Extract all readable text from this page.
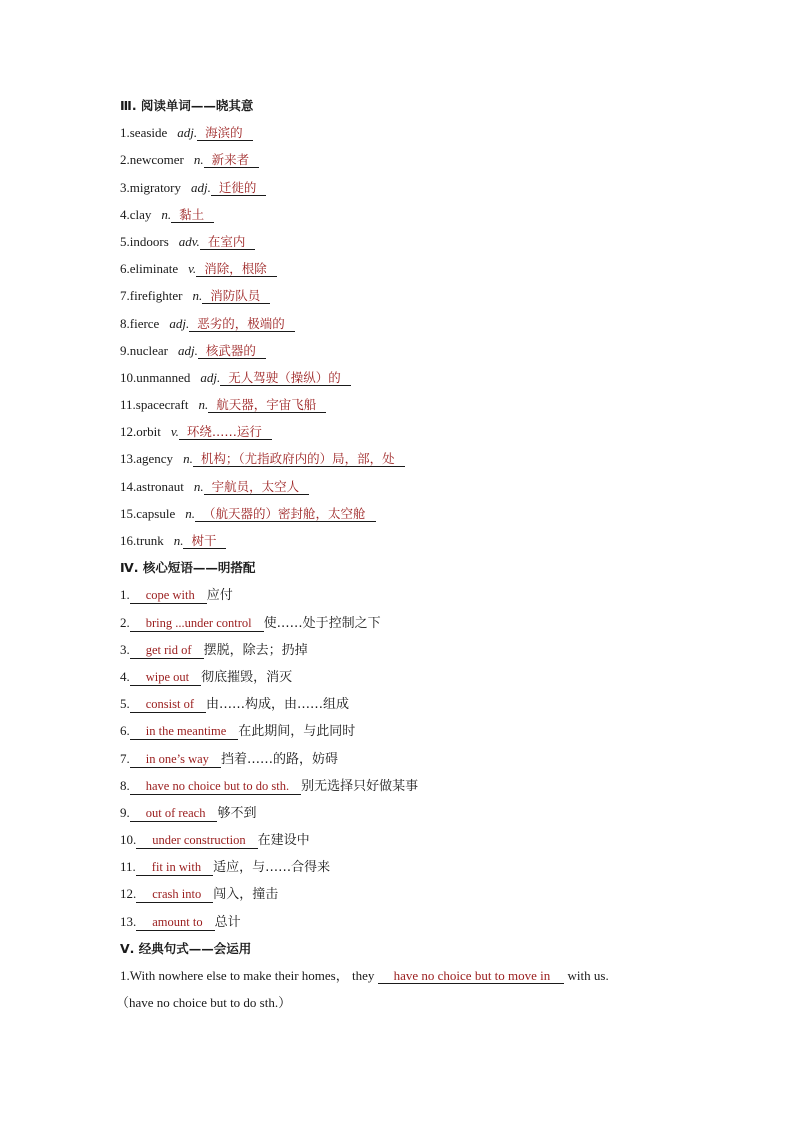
Ⅲ. 阅读单词——晓其意
1.seaside adj. 海滨的
2.newcomer n. 新来者
3.migratory adj. 迁徙的
4.clay n. 黏土
5.indoors adv. 在室内
6.eliminate v. 消除，根除
7.firefighter n. 消防队员
8.fierce adj. 恶劣的，极端的
9.nuclear adj. 核武器的
10.unmanned adj. 无人驾驶（操纵）的
11.spacecraft n. 航天器，宇宙飞船
12.orbit v. 环绕……运行
13.agency n. 机构；（尤指政府内的）局，部，处
14.astronaut n. 宇航员，太空人
15.capsule n. （航天器的）密封舱，太空舱
16.trunk n. 树干
Ⅳ. 核心短语——明搭配
1. cope with 应付
2. bring ...under control 使……处于控制之下
3. get rid of 摆脱，除去；扔掉
4. wipe out 彻底摧毁，消灭
5. consist of 由……构成，由……组成
6. in the meantime 在此期间，与此同时
7. in one’s way 挡着……的路，妨碍
8. have no choice but to do sth. 别无选择只好做某事
9. out of reach 够不到
10. under construction 在建设中
11. fit in with 适应，与……合得来
12. crash into 闯入，撞击
13. amount to 总计
Ⅴ. 经典句式——会运用
1.With nowhere else to make their homes， they have no choice but to move in with us.
（have no choice but to do sth.）
